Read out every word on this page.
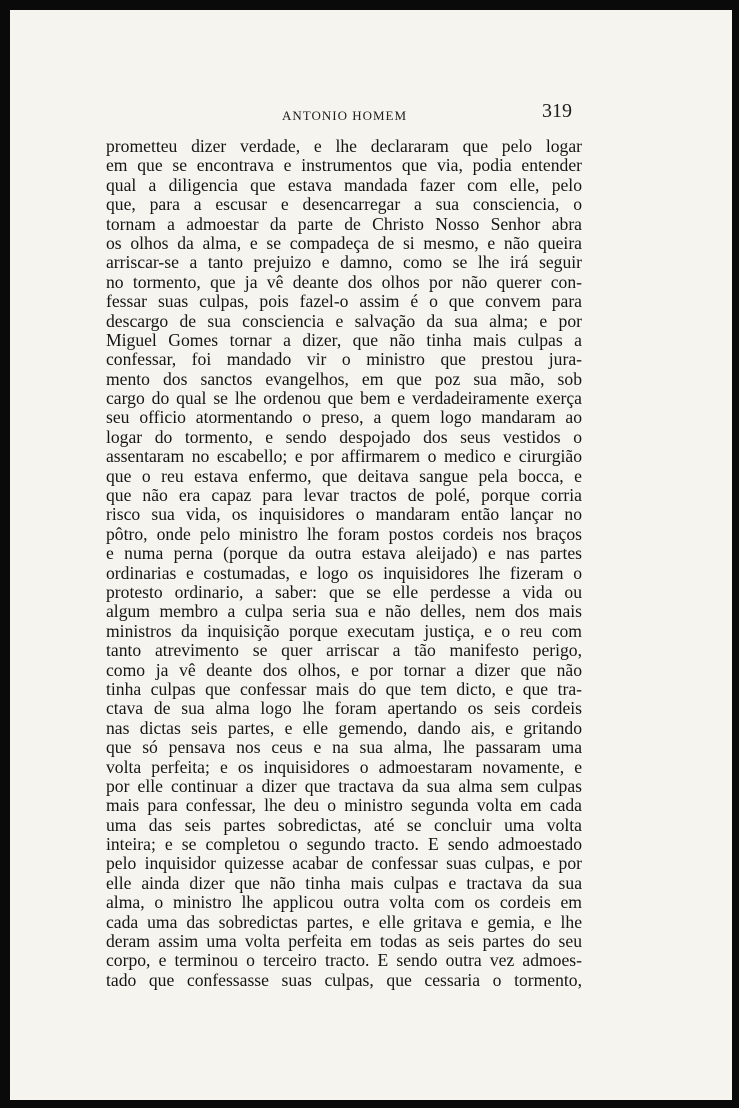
ANTONIO HOMEM	319
prometteu dizer verdade, e lhe declararam que pelo logar
em que se encontrava e instrumentos que via, podia entender
qual a diligencia que estava mandada fazer com elle, pelo
que, para a escusar e desencarregar a sua consciencia, o
tornam a admoestar da parte de Christo Nosso Senhor abra
os olhos da alma, e se compadeça de si mesmo, e não queira
arriscar-se a tanto prejuizo e damno, como se lhe irá seguir
no tormento, que ja vê deante dos olhos por não querer con-
fessar suas culpas, pois fazel-o assim é o que convem para
descargo de sua consciencia e salvação da sua alma; e por
Miguel Gomes tornar a dizer, que não tinha mais culpas a
confessar, foi mandado vir o ministro que prestou jura-
mento dos sanctos evangelhos, em que poz sua mão, sob
cargo do qual se lhe ordenou que bem e verdadeiramente exerça
seu officio atormentando o preso, a quem logo mandaram ao
logar do tormento, e sendo despojado dos seus vestidos o
assentaram no escabello; e por affirmarem o medico e cirurgião
que o reu estava enfermo, que deitava sangue pela bocca, e
que não era capaz para levar tractos de polé, porque corria
risco sua vida, os inquisidores o mandaram então lançar no
pôtro, onde pelo ministro lhe foram postos cordeis nos braços
e numa perna (porque da outra estava aleijado) e nas partes
ordinarias e costumadas, e logo os inquisidores lhe fizeram o
protesto ordinario, a saber: que se elle perdesse a vida ou
algum membro a culpa seria sua e não delles, nem dos mais
ministros da inquisição porque executam justiça, e o reu com
tanto atrevimento se quer arriscar a tão manifesto perigo,
como ja vê deante dos olhos, e por tornar a dizer que não
tinha culpas que confessar mais do que tem dicto, e que tra-
ctava de sua alma logo lhe foram apertando os seis cordeis
nas dictas seis partes, e elle gemendo, dando ais, e gritando
que só pensava nos ceus e na sua alma, lhe passaram uma
volta perfeita; e os inquisidores o admoestaram novamente, e
por elle continuar a dizer que tractava da sua alma sem culpas
mais para confessar, lhe deu o ministro segunda volta em cada
uma das seis partes sobredictas, até se concluir uma volta
inteira; e se completou o segundo tracto. E sendo admoestado
pelo inquisidor quizesse acabar de confessar suas culpas, e por
elle ainda dizer que não tinha mais culpas e tractava da sua
alma, o ministro lhe applicou outra volta com os cordeis em
cada uma das sobredictas partes, e elle gritava e gemia, e lhe
deram assim uma volta perfeita em todas as seis partes do seu
corpo, e terminou o terceiro tracto. E sendo outra vez admoes-
tado que confessasse suas culpas, que cessaria o tormento,
